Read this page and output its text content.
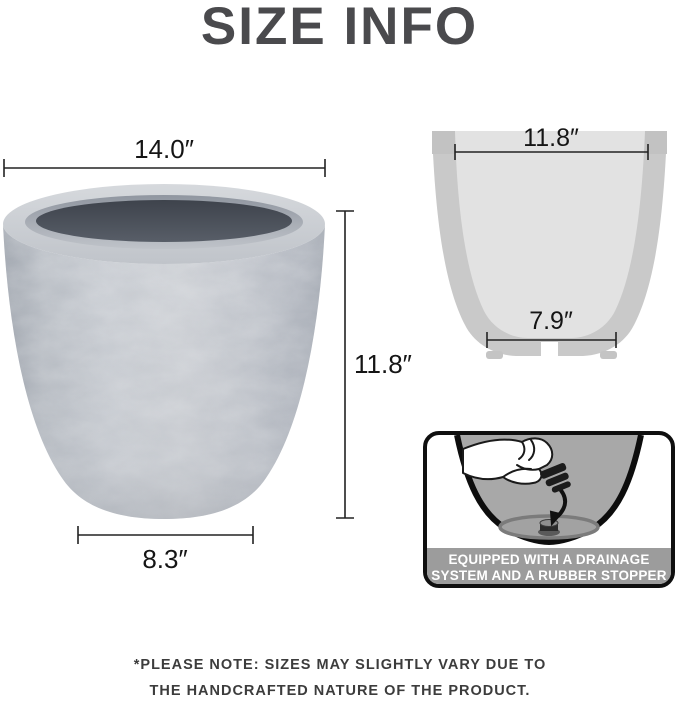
SIZE INFO
14.0″
11.8″
8.3″
11.8″
7.9″
EQUIPPED WITH A DRAINAGE
SYSTEM AND A RUBBER STOPPER
*PLEASE NOTE: SIZES MAY SLIGHTLY VARY DUE TO
THE HANDCRAFTED NATURE OF THE PRODUCT.
